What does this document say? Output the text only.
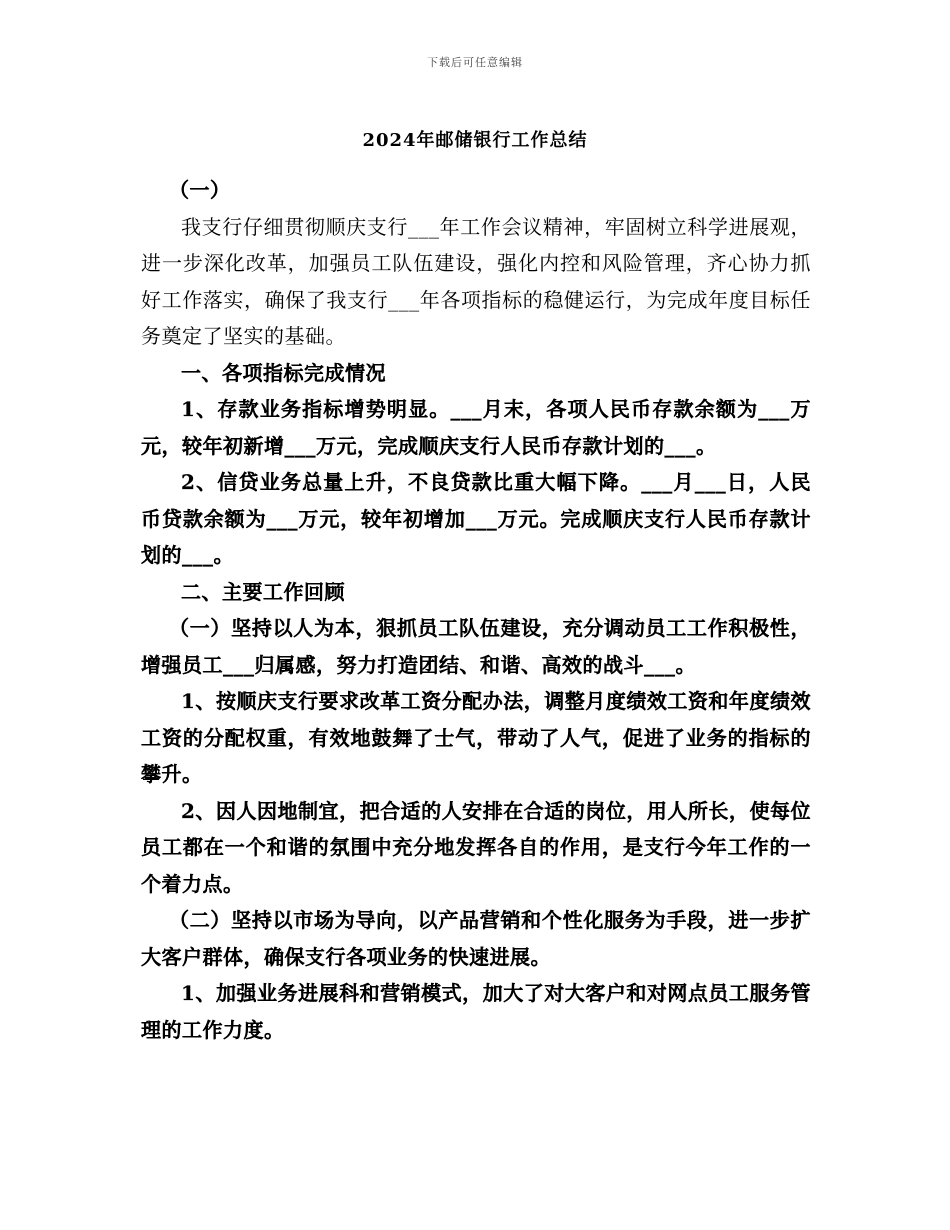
下载后可任意编辑
2024年邮储银行工作总结

（一）

我支行仔细贯彻顺庆支行___年工作会议精神，牢固树立科学进展观，进一步深化改革，加强员工队伍建设，强化内控和风险管理，齐心协力抓好工作落实，确保了我支行___年各项指标的稳健运行，为完成年度目标任务奠定了坚实的基础。

一、各项指标完成情况

1、存款业务指标增势明显。___月末，各项人民币存款余额为___万元，较年初新增___万元，完成顺庆支行人民币存款计划的___。

2、信贷业务总量上升，不良贷款比重大幅下降。___月___日，人民币贷款余额为___万元，较年初增加___万元。完成顺庆支行人民币存款计划的___。

二、主要工作回顾

（一）坚持以人为本，狠抓员工队伍建设，充分调动员工工作积极性，增强员工___归属感，努力打造团结、和谐、高效的战斗___。

1、按顺庆支行要求改革工资分配办法，调整月度绩效工资和年度绩效工资的分配权重，有效地鼓舞了士气，带动了人气，促进了业务的指标的攀升。

2、因人因地制宜，把合适的人安排在合适的岗位，用人所长，使每位员工都在一个和谐的氛围中充分地发挥各自的作用，是支行今年工作的一个着力点。

（二）坚持以市场为导向，以产品营销和个性化服务为手段，进一步扩大客户群体，确保支行各项业务的快速进展。

1、加强业务进展科和营销模式，加大了对大客户和对网点员工服务管理的工作力度。
